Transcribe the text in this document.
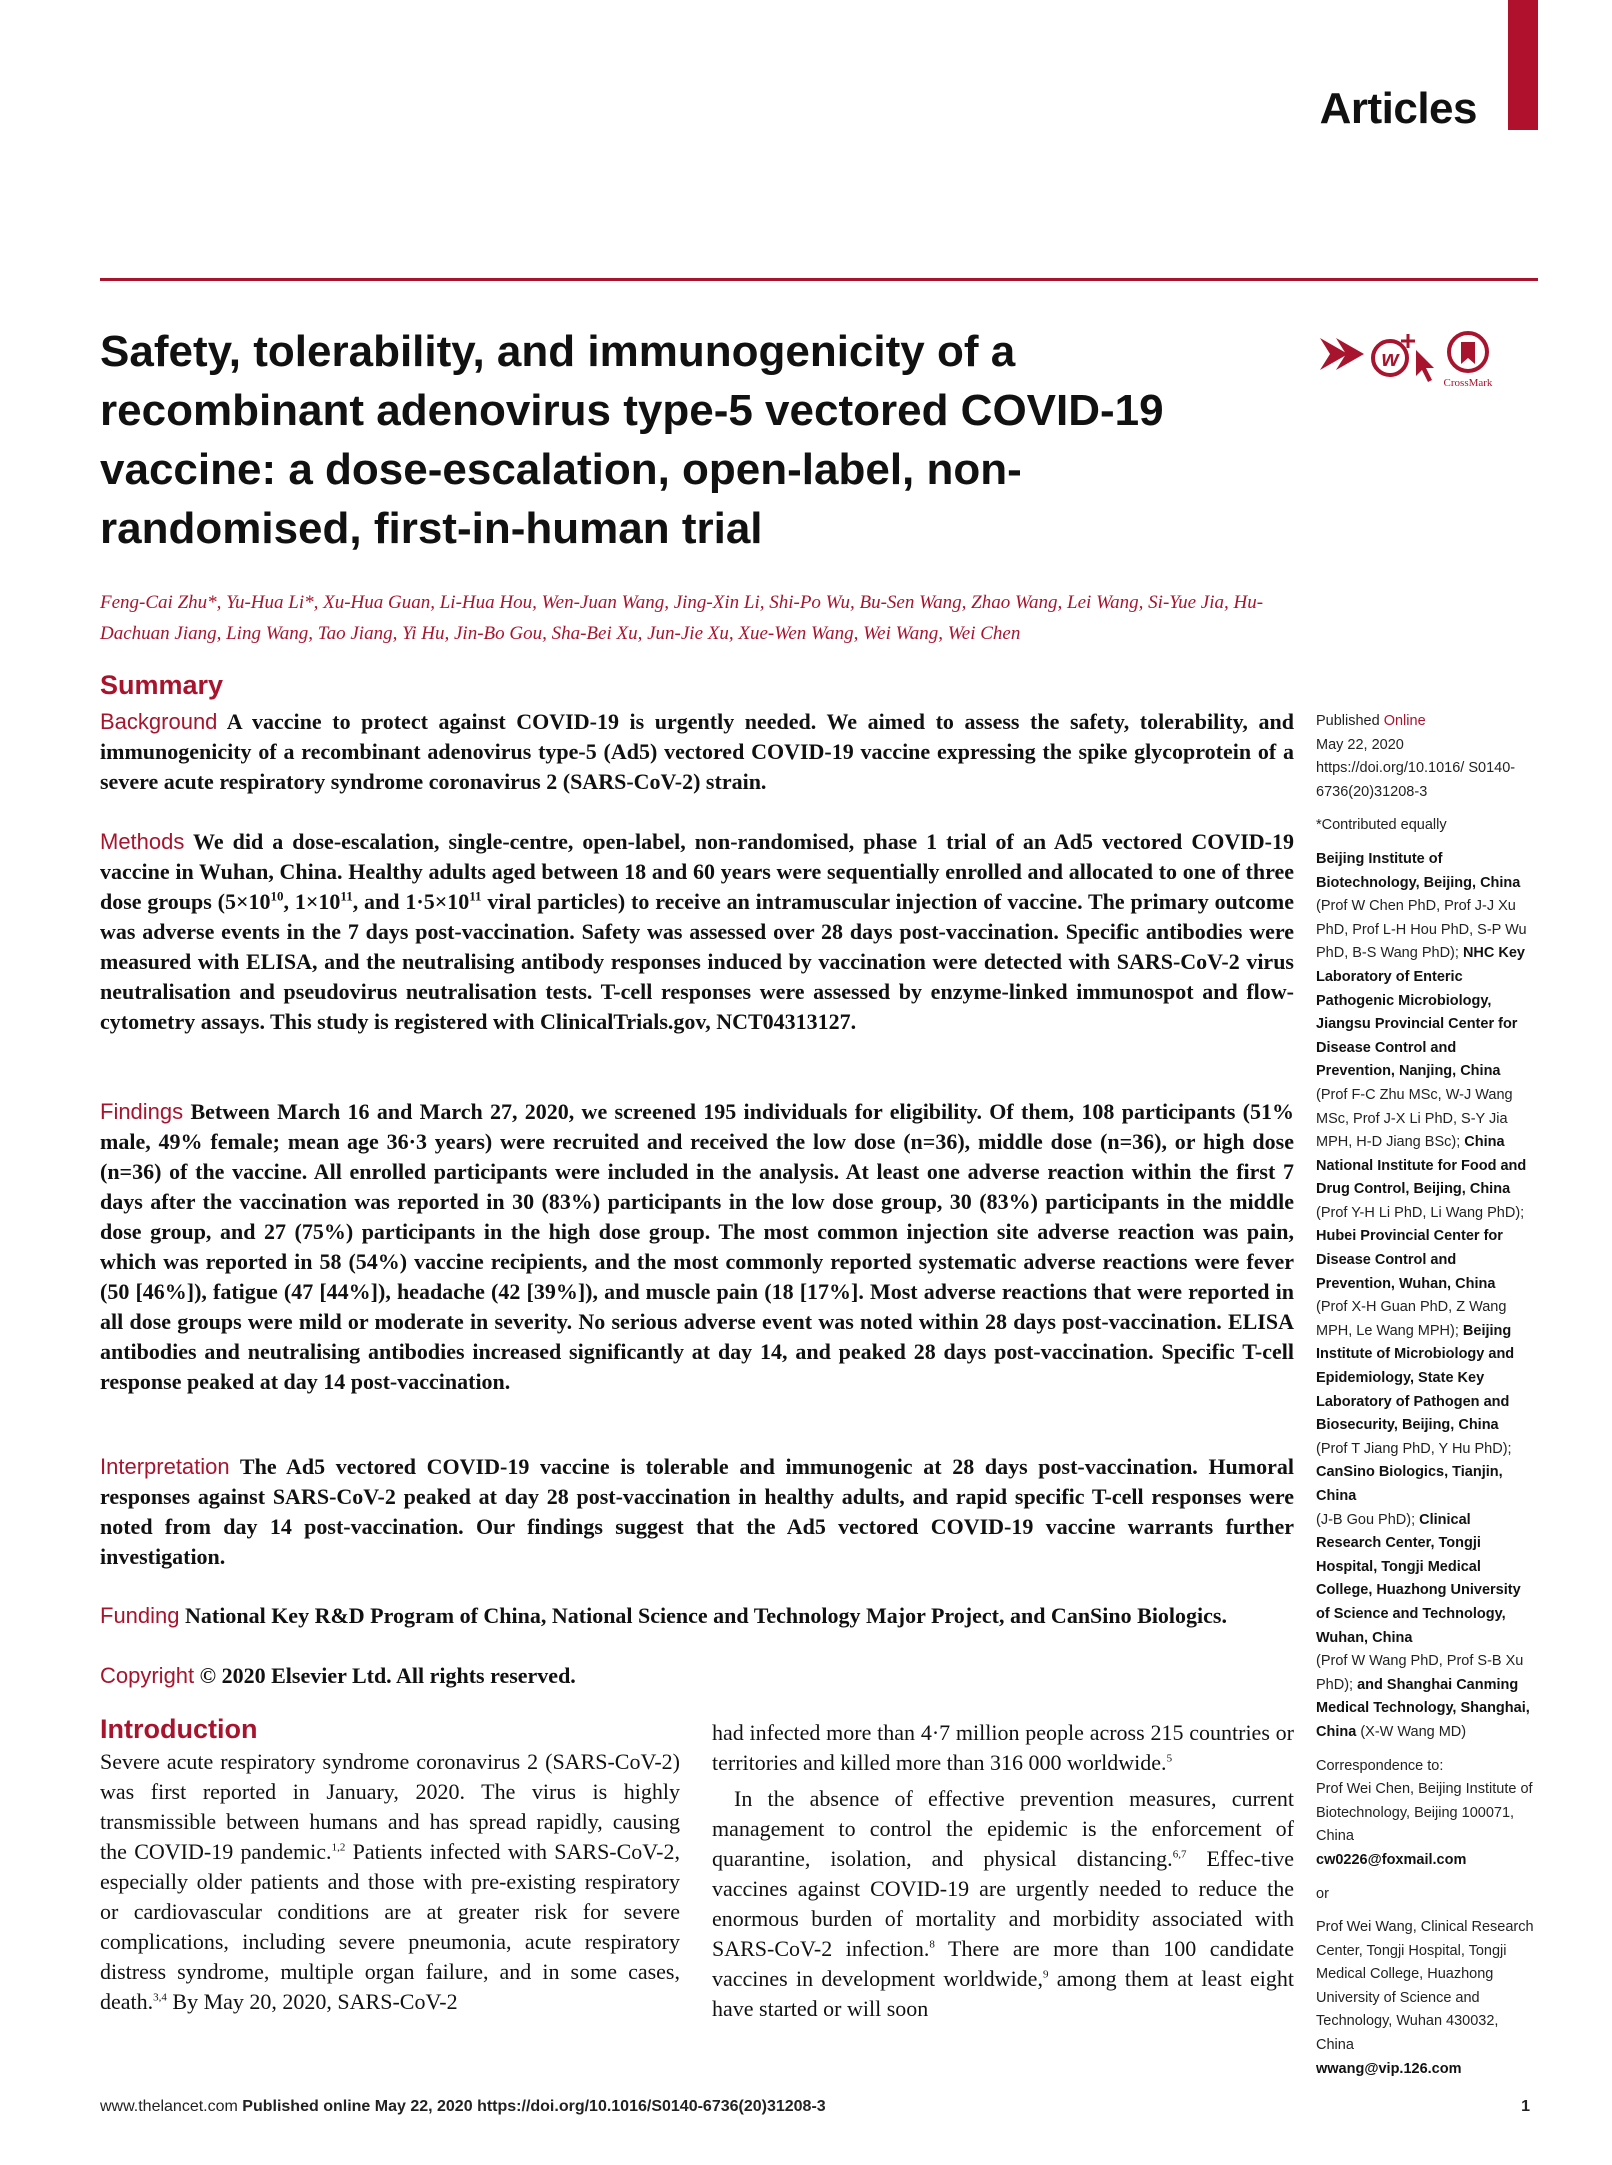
Articles
Safety, tolerability, and immunogenicity of a recombinant adenovirus type-5 vectored COVID-19 vaccine: a dose-escalation, open-label, non-randomised, first-in-human trial
w
CrossMark
Feng-Cai Zhu*, Yu-Hua Li*, Xu-Hua Guan, Li-Hua Hou, Wen-Juan Wang, Jing-Xin Li, Shi-Po Wu, Bu-Sen Wang, Zhao Wang, Lei Wang, Si-Yue Jia, Hu-Dachuan Jiang, Ling Wang, Tao Jiang, Yi Hu, Jin-Bo Gou, Sha-Bei Xu, Jun-Jie Xu, Xue-Wen Wang, Wei Wang, Wei Chen
Summary
Background A vaccine to protect against COVID-19 is urgently needed. We aimed to assess the safety, tolerability, and immunogenicity of a recombinant adenovirus type-5 (Ad5) vectored COVID-19 vaccine expressing the spike glycoprotein of a severe acute respiratory syndrome coronavirus 2 (SARS-CoV-2) strain.
Methods We did a dose-escalation, single-centre, open-label, non-randomised, phase 1 trial of an Ad5 vectored COVID-19 vaccine in Wuhan, China. Healthy adults aged between 18 and 60 years were sequentially enrolled and allocated to one of three dose groups ($5\times 10^{10}$, $1\times 10^{11}$, and $1\cdot 5\times 10^{11}$ viral particles) to receive an intramuscular injection of vaccine. The primary outcome was adverse events in the 7 days post-vaccination. Safety was assessed over 28 days post-vaccination. Specific antibodies were measured with ELISA, and the neutralising antibody responses induced by vaccination were detected with SARS-CoV-2 virus neutralisation and pseudovirus neutralisation tests. T-cell responses were assessed by enzyme-linked immunospot and flow-cytometry assays. This study is registered with ClinicalTrials.gov, NCT04313127.
Findings Between March 16 and March 27, 2020, we screened 195 individuals for eligibility. Of them, 108 participants (51% male, 49% female; mean age 36·3 years) were recruited and received the low dose (n=36), middle dose (n=36), or high dose (n=36) of the vaccine. All enrolled participants were included in the analysis. At least one adverse reaction within the first 7 days after the vaccination was reported in 30 (83%) participants in the low dose group, 30 (83%) participants in the middle dose group, and 27 (75%) participants in the high dose group. The most common injection site adverse reaction was pain, which was reported in 58 (54%) vaccine recipients, and the most commonly reported systematic adverse reactions were fever (50 [46%]), fatigue (47 [44%]), headache (42 [39%]), and muscle pain (18 [17%]. Most adverse reactions that were reported in all dose groups were mild or moderate in severity. No serious adverse event was noted within 28 days post-vaccination. ELISA antibodies and neutralising antibodies increased significantly at day 14, and peaked 28 days post-vaccination. Specific T-cell response peaked at day 14 post-vaccination.
Interpretation The Ad5 vectored COVID-19 vaccine is tolerable and immunogenic at 28 days post-vaccination. Humoral responses against SARS-CoV-2 peaked at day 28 post-vaccination in healthy adults, and rapid specific T-cell responses were noted from day 14 post-vaccination. Our findings suggest that the Ad5 vectored COVID-19 vaccine warrants further investigation.
Funding National Key R&D Program of China, National Science and Technology Major Project, and CanSino Biologics.
Copyright © 2020 Elsevier Ltd. All rights reserved.
Introduction

Severe acute respiratory syndrome coronavirus 2 (SARS-CoV-2) was first reported in January, 2020. The virus is highly transmissible between humans and has spread rapidly, causing the COVID-19 pandemic.$^{1,2}$ Patients infected with SARS-CoV-2, especially older patients and those with pre-existing respiratory or cardiovascular conditions are at greater risk for severe complications, including severe pneumonia, acute respiratory distress syndrome, multiple organ failure, and in some cases, death.$^{3,4}$ By May 20, 2020, SARS-CoV-2

had infected more than 4·7 million people across 215 countries or territories and killed more than 316 000 worldwide.$^5$

In the absence of effective prevention measures, current management to control the epidemic is the enforcement of quarantine, isolation, and physical distancing.$^{6,7}$ Effec-tive vaccines against COVID-19 are urgently needed to reduce the enormous burden of mortality and morbidity associated with SARS-CoV-2 infection.$^8$ There are more than 100 candidate vaccines in development worldwide,$^9$ among them at least eight have started or will soon

Published Online
May 22, 2020
https://doi.org/10.1016/ S0140-6736(20)31208-3

*Contributed equally

Beijing Institute of Biotechnology, Beijing, China
(Prof W Chen PhD, Prof J-J Xu PhD, Prof L-H Hou PhD, S-P Wu PhD, B-S Wang PhD); NHC Key Laboratory of Enteric Pathogenic Microbiology, Jiangsu Provincial Center for Disease Control and Prevention, Nanjing, China
(Prof F-C Zhu MSc, W-J Wang MSc, Prof J-X Li PhD, S-Y Jia MPH, H-D Jiang BSc); China National Institute for Food and Drug Control, Beijing, China
(Prof Y-H Li PhD, Li Wang PhD); Hubei Provincial Center for Disease Control and Prevention, Wuhan, China
(Prof X-H Guan PhD, Z Wang MPH, Le Wang MPH); Beijing Institute of Microbiology and Epidemiology, State Key Laboratory of Pathogen and Biosecurity, Beijing, China
(Prof T Jiang PhD, Y Hu PhD); CanSino Biologics, Tianjin, China
(J-B Gou PhD); Clinical Research Center, Tongji Hospital, Tongji Medical College, Huazhong University of Science and Technology, Wuhan, China
(Prof W Wang PhD, Prof S-B Xu PhD); and Shanghai Canming Medical Technology, Shanghai, China (X-W Wang MD)

Correspondence to:
Prof Wei Chen, Beijing Institute of Biotechnology, Beijing 100071, China
cw0226@foxmail.com

or

Prof Wei Wang, Clinical Research Center, Tongji Hospital, Tongji Medical College, Huazhong University of Science and Technology, Wuhan 430032, China
wwang@vip.126.com

www.thelancet.com Published online May 22, 2020 https://doi.org/10.1016/S0140-6736(20)31208-3	1
